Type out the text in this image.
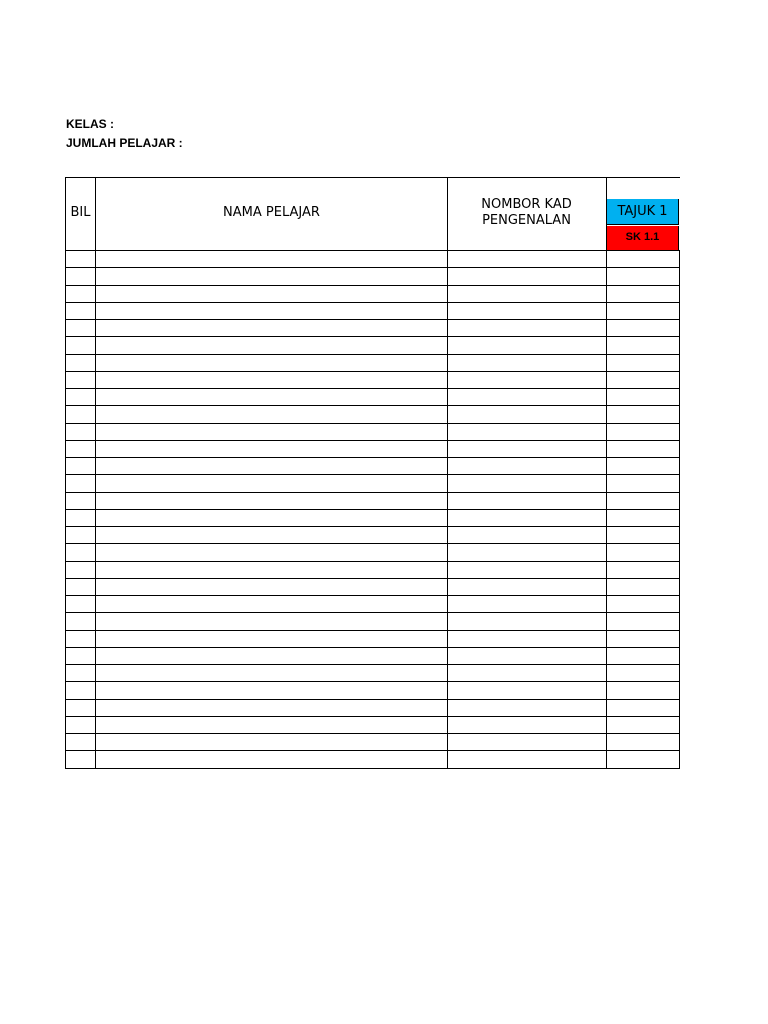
KELAS :
JUMLAH PELAJAR :
BIL	NAMA PELAJAR
NOMBOR KAD
PENGENALAN
TAJUK 1
SK 1.1
